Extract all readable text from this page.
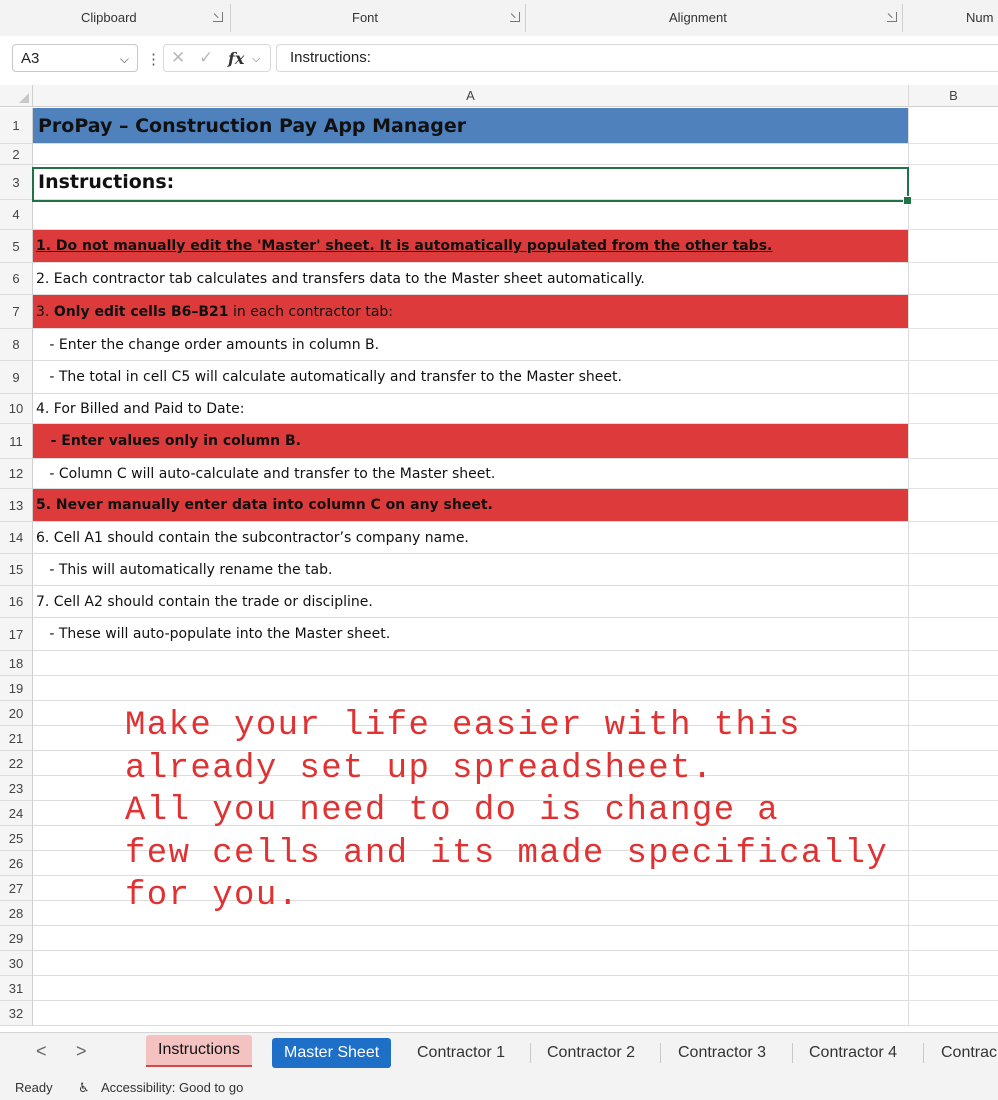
Clipboard	Font	Alignment	Num
A3	⌵ ⋮ ✕ ✓ fx ⌵	Instructions:
A	B
1 ProPay – Construction Pay App Manager
2
3 Instructions:
4
5	1. Do not manually edit the 'Master' sheet. It is automatically populated from the other tabs.
6	2. Each contractor tab calculates and transfers data to the Master sheet automatically.
7	3. Only edit cells B6–B21 in each contractor tab:
8	- Enter the change order amounts in column B.
9	- The total in cell C5 will calculate automatically and transfer to the Master sheet.
10 4. For Billed and Paid to Date:
11 - Enter values only in column B.
12 - Column C will auto-calculate and transfer to the Master sheet.
13 5. Never manually enter data into column C on any sheet.
14 6. Cell A1 should contain the subcontractor’s company name.
15 - This will automatically rename the tab.
16 7. Cell A2 should contain the trade or discipline.
17 - These will auto-populate into the Master sheet.
18
19
20
21
22
23
24
25
26
27
28
29
30
31
32
Make your life easier with this
already set up spreadsheet.
All you need to do is change a
few cells and its made specifically
for you.
< >	Instructions	Master Sheet	Contractor 1	Contractor 2	Contractor 3	Contractor 4	Contrac
Ready ♿︎ Accessibility: Good to go
